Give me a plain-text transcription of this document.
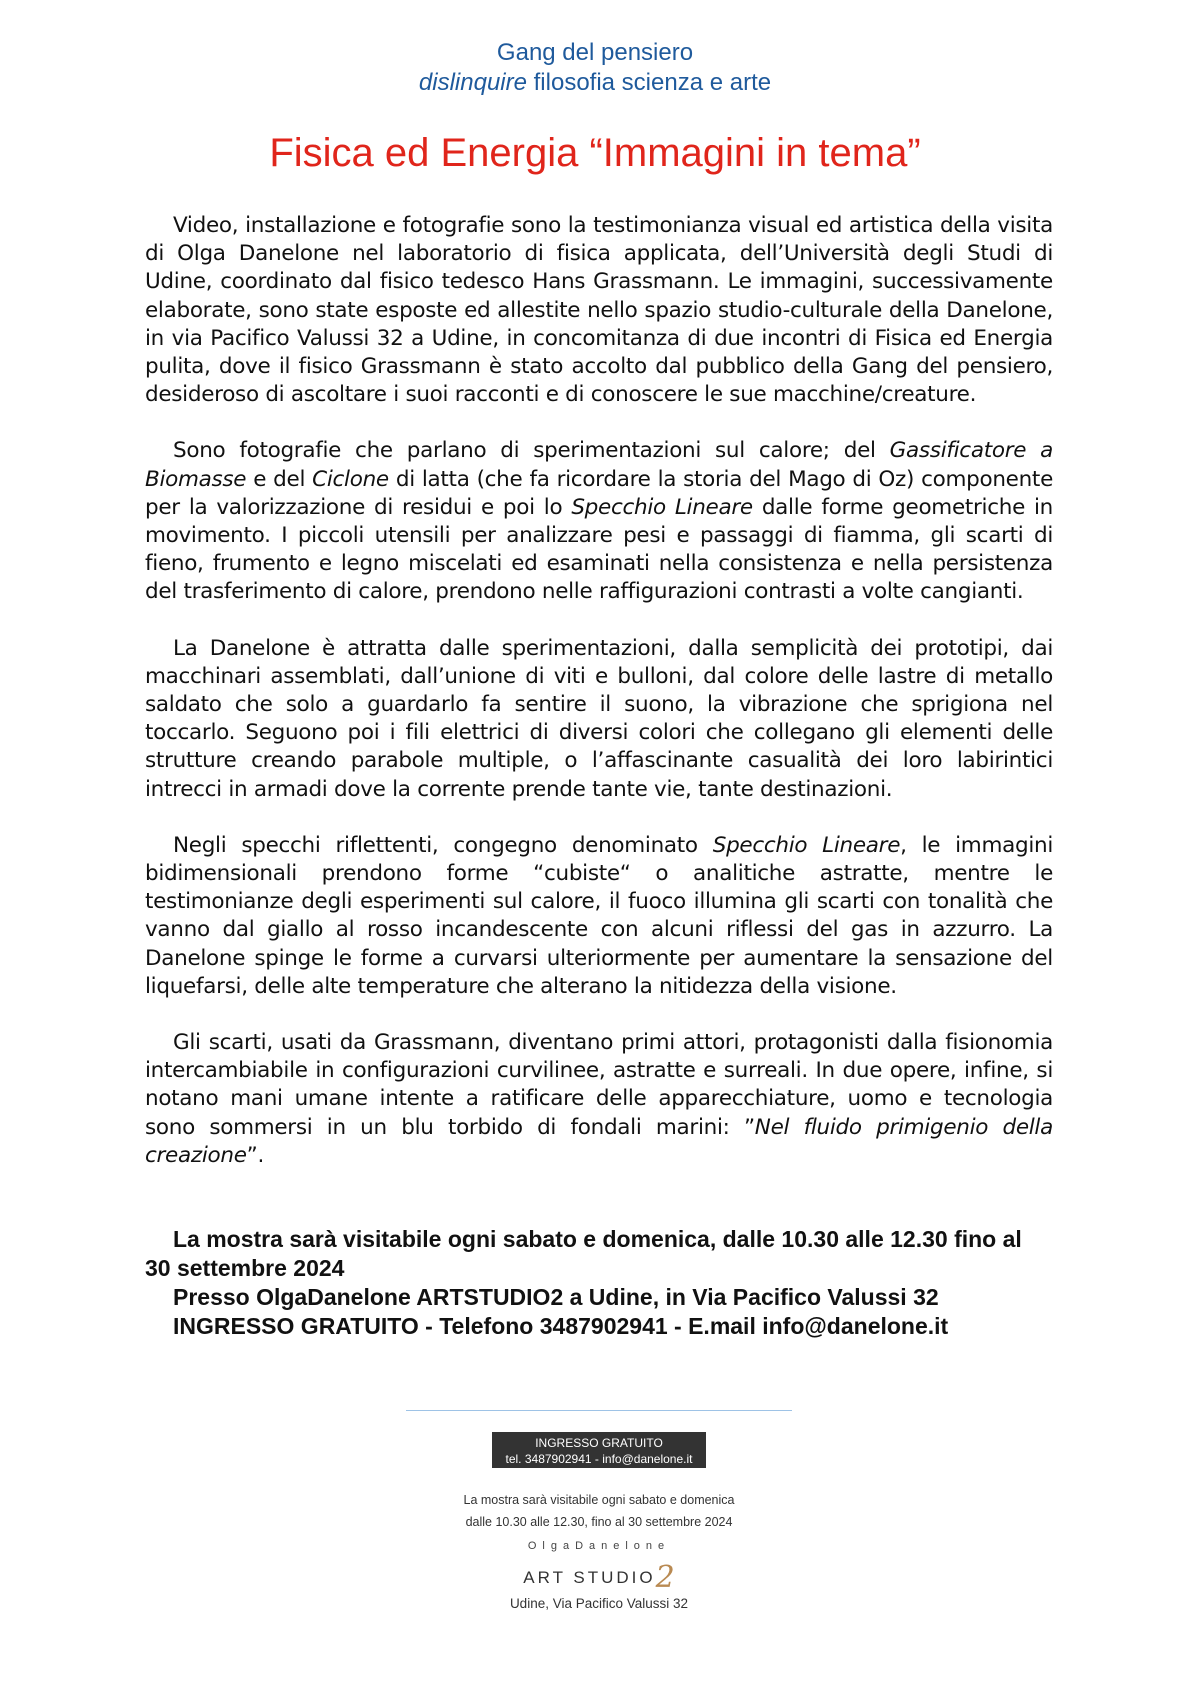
Gang del pensiero
dislinquire filosofia scienza e arte
Fisica ed Energia “Immagini in tema”

Video, installazione e fotografie sono la testimonianza visual ed artistica della visita di Olga Danelone nel laboratorio di fisica applicata, dell’Università degli Studi di Udine, coordinato dal fisico tedesco Hans Grassmann. Le immagini, successivamente elaborate, sono state esposte ed allestite nello spazio studio-culturale della Danelone, in via Pacifico Valussi 32 a Udine, in concomitanza di due incontri di Fisica ed Energia pulita, dove il fisico Grassmann è stato accolto dal pubblico della Gang del pensiero, desideroso di ascoltare i suoi racconti e di conoscere le sue macchine/creature.

Sono fotografie che parlano di sperimentazioni sul calore; del Gassificatore a Biomasse e del Ciclone di latta (che fa ricordare la storia del Mago di Oz) componente per la valorizzazione di residui e poi lo Specchio Lineare dalle forme geometriche in movimento. I piccoli utensili per analizzare pesi e passaggi di fiamma, gli scarti di fieno, frumento e legno miscelati ed esaminati nella consistenza e nella persistenza del trasferimento di calore, prendono nelle raffigurazioni contrasti a volte cangianti.

La Danelone è attratta dalle sperimentazioni, dalla semplicità dei prototipi, dai macchinari assemblati, dall’unione di viti e bulloni, dal colore delle lastre di metallo saldato che solo a guardarlo fa sentire il suono, la vibrazione che sprigiona nel toccarlo. Seguono poi i fili elettrici di diversi colori che collegano gli elementi delle strutture creando parabole multiple, o l’affascinante casualità dei loro labirintici intrecci in armadi dove la corrente prende tante vie, tante destinazioni.

Negli specchi riflettenti, congegno denominato Specchio Lineare, le immagini bidimensionali prendono forme “cubiste“ o analitiche astratte, mentre le testimonianze degli esperimenti sul calore, il fuoco illumina gli scarti con tonalità che vanno dal giallo al rosso incandescente con alcuni riflessi del gas in azzurro. La Danelone spinge le forme a curvarsi ulteriormente per aumentare la sensazione del liquefarsi, delle alte temperature che alterano la nitidezza della visione.

Gli scarti, usati da Grassmann, diventano primi attori, protagonisti dalla fisionomia intercambiabile in configurazioni curvilinee, astratte e surreali. In due opere, infine, si notano mani umane intente a ratificare delle apparecchiature, uomo e tecnologia sono sommersi in un blu torbido di fondali marini: ”Nel fluido primigenio della creazione”.

La mostra sarà visitabile ogni sabato e domenica, dalle 10.30 alle 12.30 fino al 30 settembre 2024
Presso OlgaDanelone ARTSTUDIO2 a Udine, in Via Pacifico Valussi 32
INGRESSO GRATUITO - Telefono 3487902941 - E.mail info@danelone.it
INGRESSO GRATUITO
tel. 3487902941 - info@danelone.it
La mostra sarà visitabile ogni sabato e domenica
dalle 10.30 alle 12.30, fino al 30 settembre 2024
OlgaDanelone
ART STUDIO2
Udine, Via Pacifico Valussi 32
